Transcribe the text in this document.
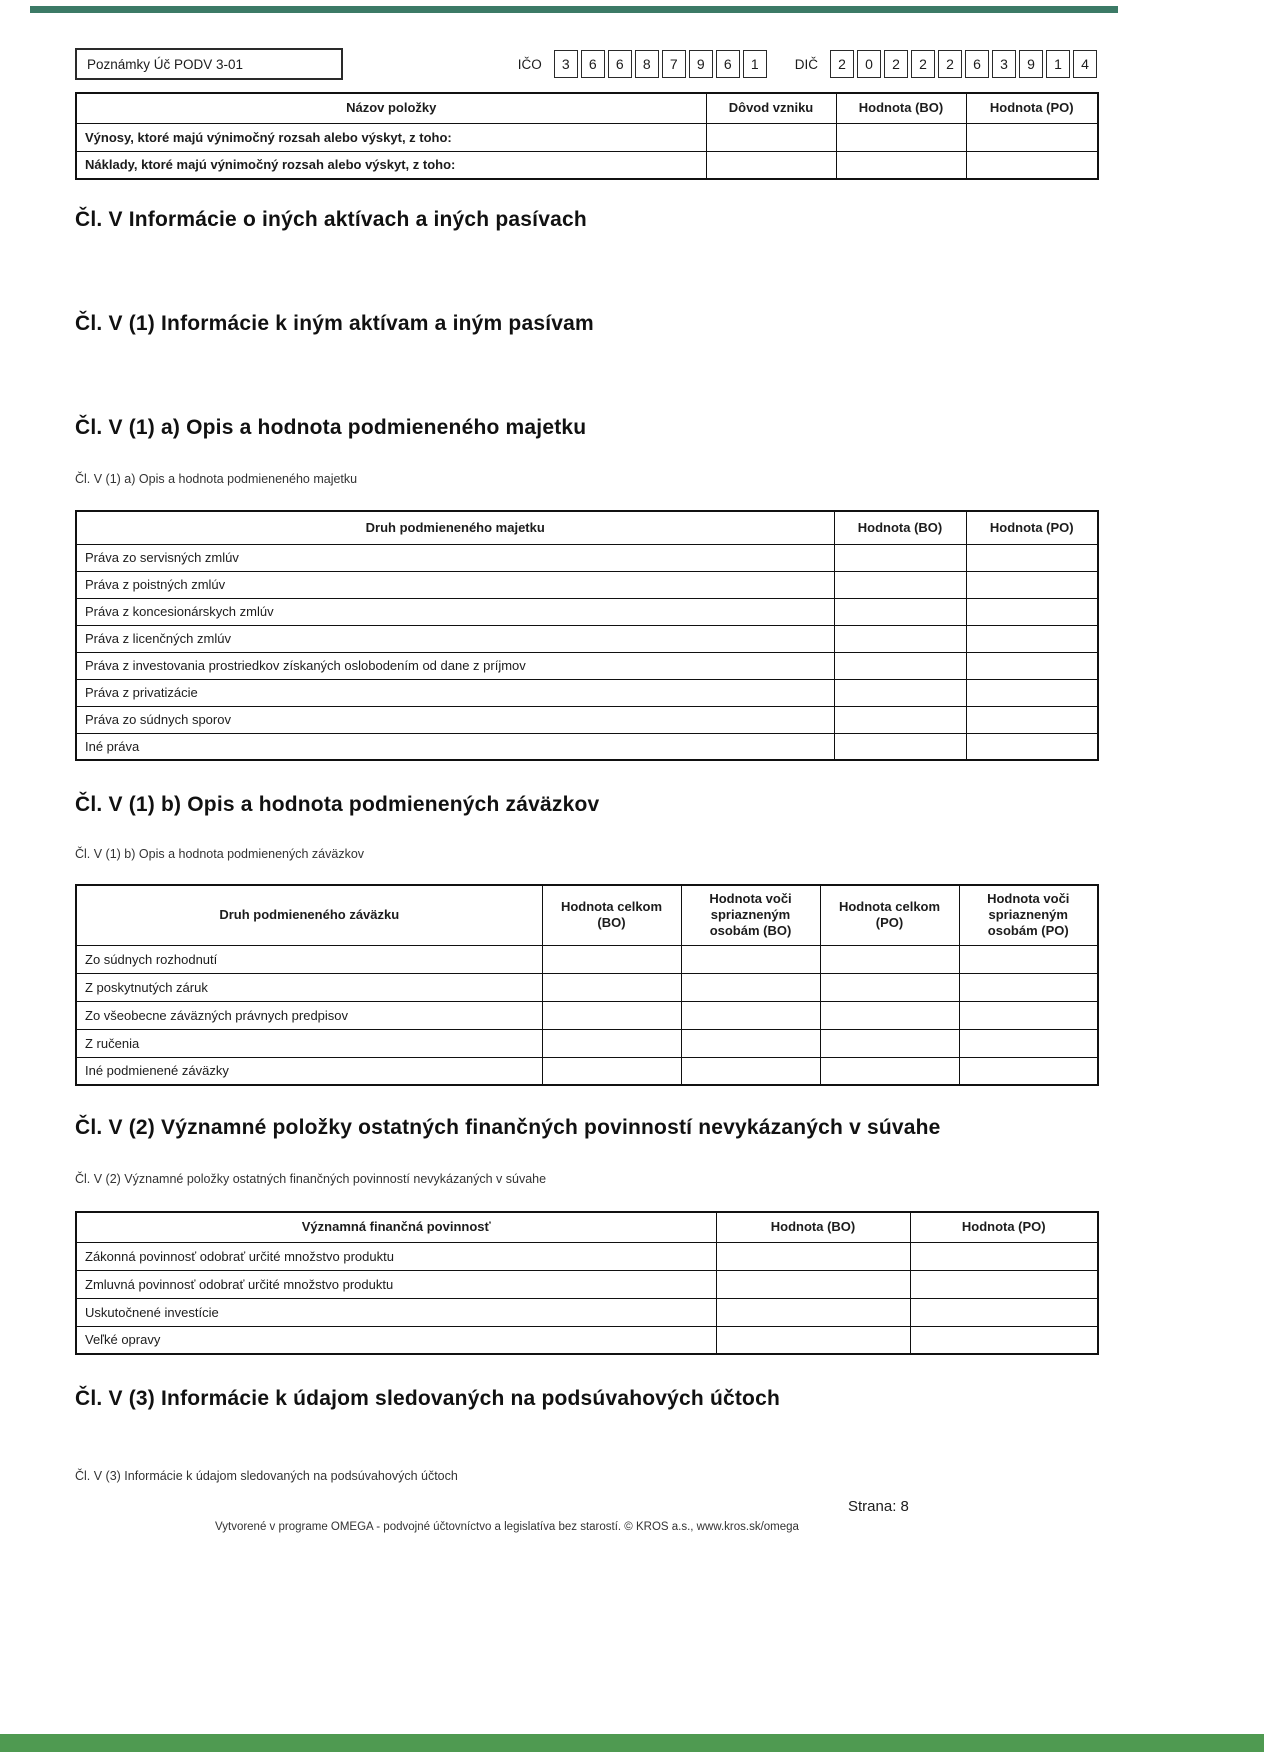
Poznámky Úč PODV 3-01	IČO	3	6	6	8	7	9	6	1	DIČ	2	0	2	2	2	6	3	9	1	4
Názov položky	Dôvod vzniku	Hodnota (BO)	Hodnota (PO)
Výnosy, ktoré majú výnimočný rozsah alebo výskyt, z toho:			
Náklady, ktoré majú výnimočný rozsah alebo výskyt, z toho:			
Čl. V Informácie o iných aktívach a iných pasívach
Čl. V (1) Informácie k iným aktívam a iným pasívam
Čl. V (1) a) Opis a hodnota podmieneného majetku
Čl. V (1) a) Opis a hodnota podmieneného majetku
Druh podmieneného majetku	Hodnota (BO)	Hodnota (PO)
Práva zo servisných zmlúv		
Práva z poistných zmlúv		
Práva z koncesionárskych zmlúv		
Práva z licenčných zmlúv		
Práva z investovania prostriedkov získaných oslobodením od dane z príjmov		
Práva z privatizácie		
Práva zo súdnych sporov		
Iné práva		
Čl. V (1) b) Opis a hodnota podmienených záväzkov
Čl. V (1) b) Opis a hodnota podmienených záväzkov
Druh podmieneného záväzku	Hodnota celkom (BO)	Hodnota voči spriazneným osobám (BO)	Hodnota celkom (PO)	Hodnota voči spriazneným osobám (PO)
Zo súdnych rozhodnutí				
Z poskytnutých záruk				
Zo všeobecne záväzných právnych predpisov				
Z ručenia				
Iné podmienené záväzky				
Čl. V (2) Významné položky ostatných finančných povinností nevykázaných v súvahe
Čl. V (2) Významné položky ostatných finančných povinností nevykázaných v súvahe
Významná finančná povinnosť	Hodnota (BO)	Hodnota (PO)
Zákonná povinnosť odobrať určité množstvo produktu		
Zmluvná povinnosť odobrať určité množstvo produktu		
Uskutočnené investície		
Veľké opravy		
Čl. V (3) Informácie k údajom sledovaných na podsúvahových účtoch
Čl. V (3) Informácie k údajom sledovaných na podsúvahových účtoch
Strana: 8
Vytvorené v programe OMEGA - podvojné účtovníctvo a legislatíva bez starostí. © KROS a.s., www.kros.sk/omega
